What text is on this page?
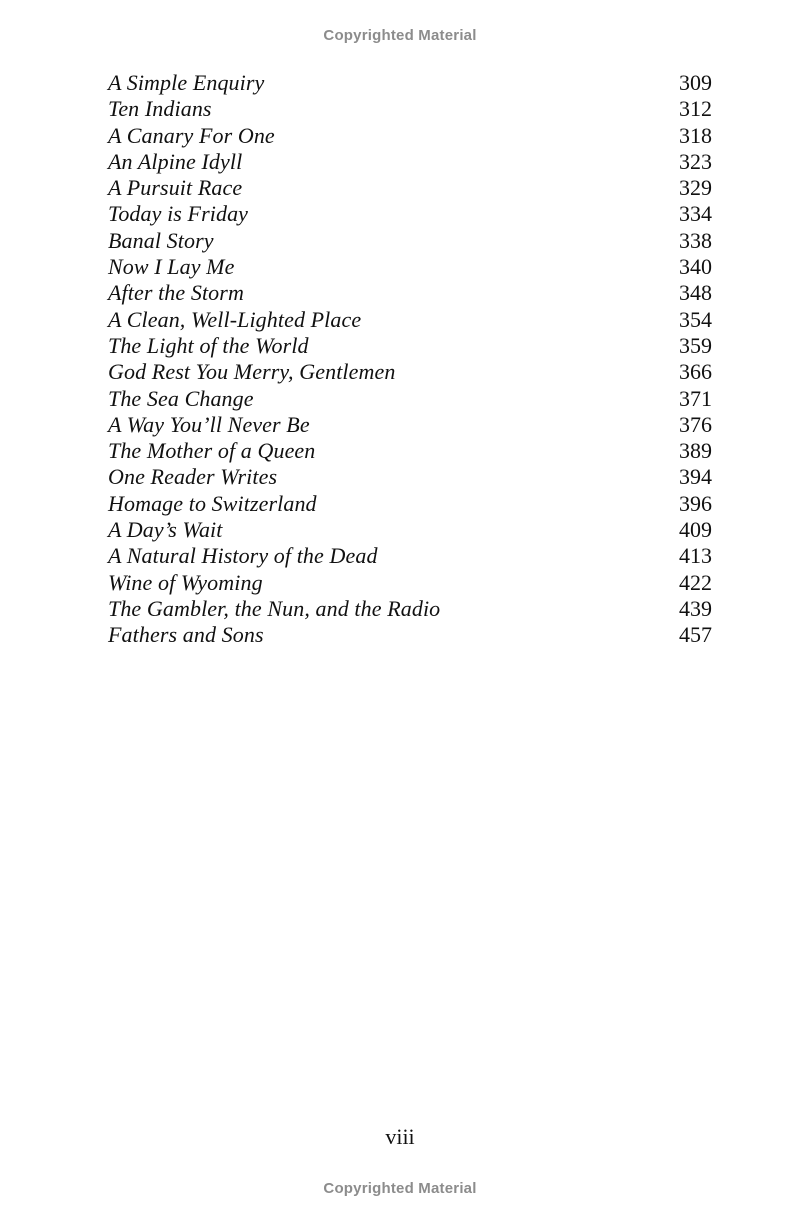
Copyrighted Material
A Simple Enquiry	309
Ten Indians	312
A Canary For One	318
An Alpine Idyll	323
A Pursuit Race	329
Today is Friday	334
Banal Story	338
Now I Lay Me	340
After the Storm	348
A Clean, Well-Lighted Place	354
The Light of the World	359
God Rest You Merry, Gentlemen	366
The Sea Change	371
A Way You’ll Never Be	376
The Mother of a Queen	389
One Reader Writes	394
Homage to Switzerland	396
A Day’s Wait	409
A Natural History of the Dead	413
Wine of Wyoming	422
The Gambler, the Nun, and the Radio	439
Fathers and Sons	457
viii
Copyrighted Material
